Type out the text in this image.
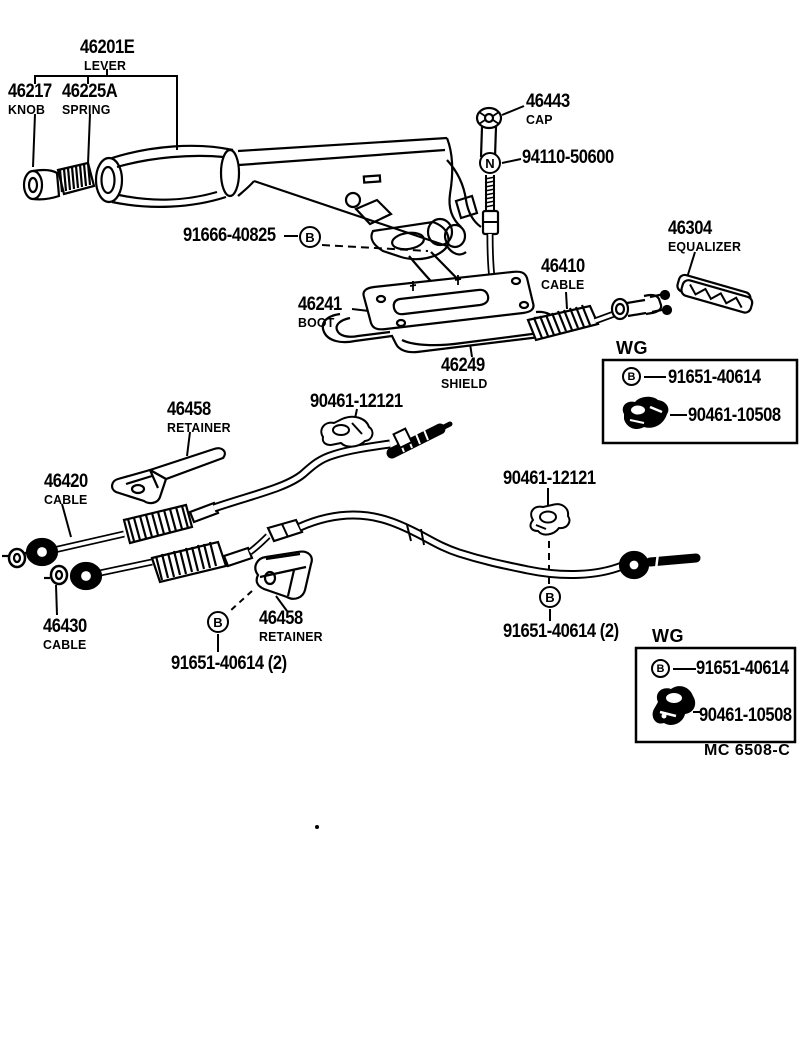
46201E
LEVER
46217
KNOB
46225A
SPRING	46443
CAP
94110-50600
91666-40825	46304
EQUALIZER
46410
CABLE
46241
BOOT
46249
SHIELD
WG
91651-40614
90461-10508
46458
RETAINER
90461-12121
46420
CABLE
90461-12121
46430
CABLE
46458
RETAINER
91651-40614 (2)
91651-40614 (2)	WG
91651-40614
90461-10508
MC 6508-C
B
N
B
B
B
B
